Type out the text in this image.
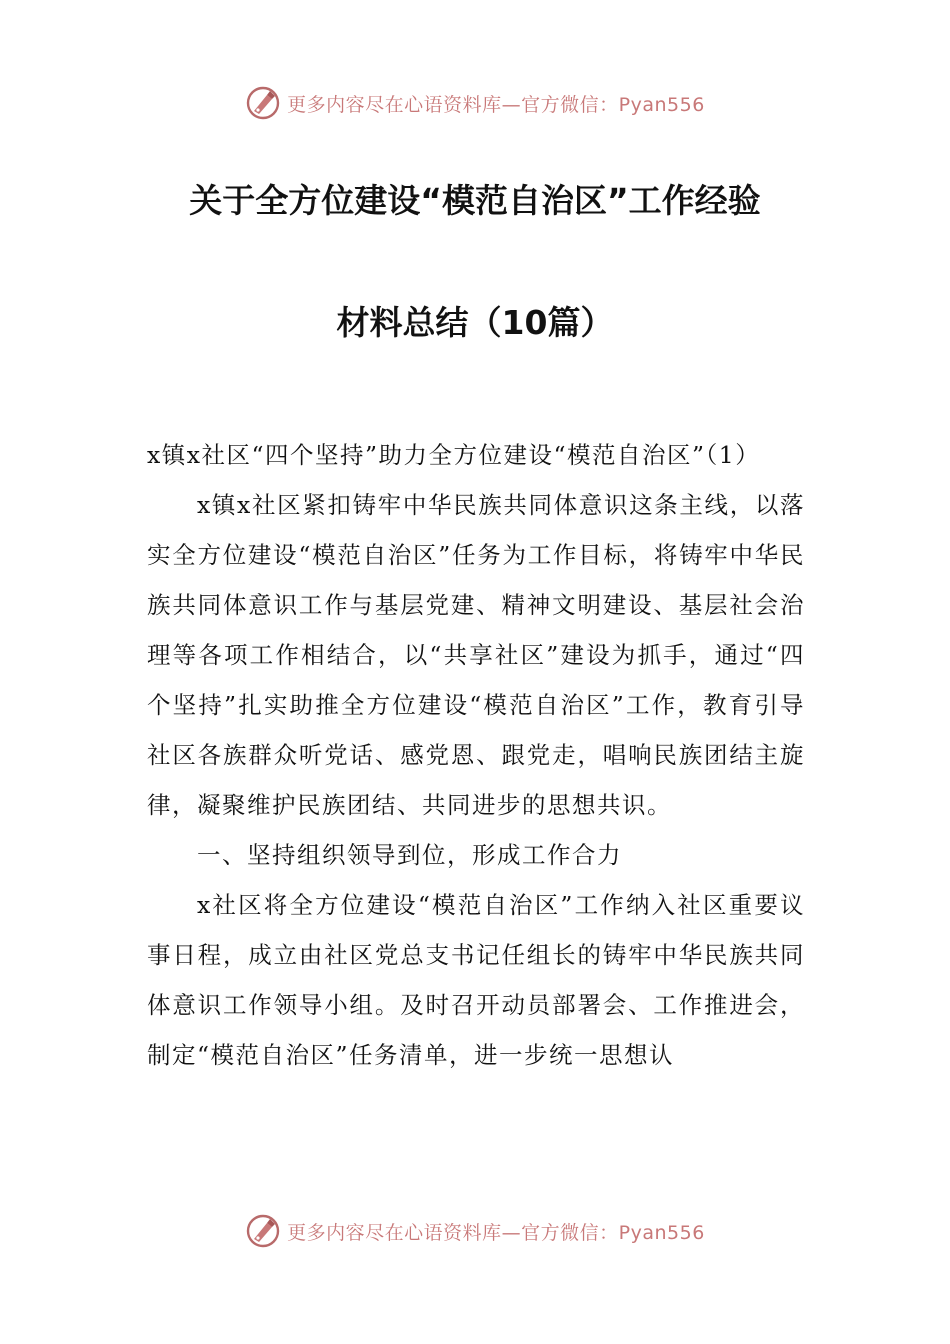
更多内容尽在心语资料库—官方微信：Pyan556
关于全方位建设“模范自治区”工作经验
材料总结（10篇）

x镇x社区“四个坚持”助力全方位建设“模范自治区”（1）

x镇x社区紧扣铸牢中华民族共同体意识这条主线，以落实全方位建设“模范自治区”任务为工作目标，将铸牢中华民族共同体意识工作与基层党建、精神文明建设、基层社会治理等各项工作相结合，以“共享社区”建设为抓手，通过“四个坚持”扎实助推全方位建设“模范自治区”工作，教育引导社区各族群众听党话、感党恩、跟党走，唱响民族团结主旋律，凝聚维护民族团结、共同进步的思想共识。

一、坚持组织领导到位，形成工作合力

x社区将全方位建设“模范自治区”工作纳入社区重要议事日程，成立由社区党总支书记任组长的铸牢中华民族共同体意识工作领导小组。及时召开动员部署会、工作推进会，制定“模范自治区”任务清单，进一步统一思想认

更多内容尽在心语资料库—官方微信：Pyan556
